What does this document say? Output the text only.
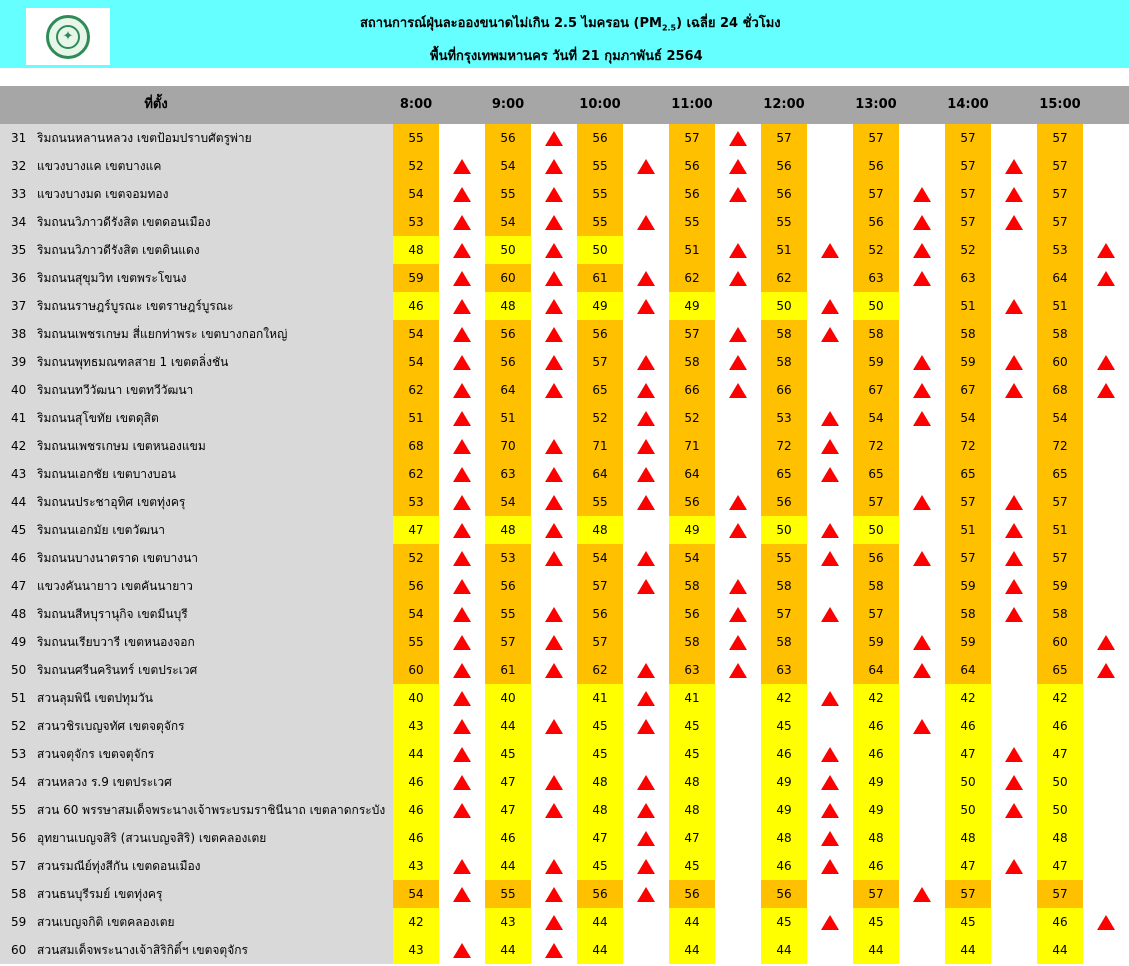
✦
สถานการณ์ฝุ่นละอองขนาดไม่เกิน 2.5 ไมครอน $(PM_{2.5})$ เฉลี่ย 24 ชั่วโมง
พื้นที่กรุงเทพมหานคร วันที่ 21 กุมภาพันธ์ 2564
ที่ตั้ง	8:00	9:00	10:00	11:00	12:00	13:00	14:00	15:00
31 ริมถนนหลานหลวง เขตป้อมปราบศัตรูพ่าย	55	56	56	57	57	57	57	57
32 แขวงบางแค เขตบางแค	52	54	55	56	56	56	57	57
33 แขวงบางมด เขตจอมทอง	54	55	55	56	56	57	57	57
34 ริมถนนวิภาวดีรังสิต เขตดอนเมือง	53	54	55	55	55	56	57	57
35 ริมถนนวิภาวดีรังสิต เขตดินแดง	48	50	50	51	51	52	52	53
36 ริมถนนสุขุมวิท เขตพระโขนง	59	60	61	62	62	63	63	64
37 ริมถนนราษฎร์บูรณะ เขตราษฎร์บูรณะ	46	48	49	49	50	50	51	51
38 ริมถนนเพชรเกษม สี่แยกท่าพระ เขตบางกอกใหญ่	54	56	56	57	58	58	58	58
39 ริมถนนพุทธมณฑลสาย 1 เขตตลิ่งชัน	54	56	57	58	58	59	59	60
40 ริมถนนทวีวัฒนา เขตทวีวัฒนา	62	64	65	66	66	67	67	68
41 ริมถนนสุโขทัย เขตดุสิต	51	51	52	52	53	54	54	54
42 ริมถนนเพชรเกษม เขตหนองแขม	68	70	71	71	72	72	72	72
43 ริมถนนเอกชัย เขตบางบอน	62	63	64	64	65	65	65	65
44 ริมถนนประชาอุทิศ เขตทุ่งครุ	53	54	55	56	56	57	57	57
45 ริมถนนเอกมัย เขตวัฒนา	47	48	48	49	50	50	51	51
46 ริมถนนบางนาตราด เขตบางนา	52	53	54	54	55	56	57	57
47 แขวงคันนายาว เขตคันนายาว	56	56	57	58	58	58	59	59
48 ริมถนนสีหบุรานุกิจ เขตมีนบุรี	54	55	56	56	57	57	58	58
49 ริมถนนเรียบวารี เขตหนองจอก	55	57	57	58	58	59	59	60
50 ริมถนนศรีนครินทร์ เขตประเวศ	60	61	62	63	63	64	64	65
51 สวนลุมพินี เขตปทุมวัน	40	40	41	41	42	42	42	42
52 สวนวชิรเบญจทัศ เขตจตุจักร	43	44	45	45	45	46	46	46
53 สวนจตุจักร เขตจตุจักร	44	45	45	45	46	46	47	47
54 สวนหลวง ร.9 เขตประเวศ	46	47	48	48	49	49	50	50
55 สวน 60 พรรษาสมเด็จพระนางเจ้าพระบรมราชินีนาถ เขตลาดกระบัง	46	47	48	48	49	49	50	50
56 อุทยานเบญจสิริ (สวนเบญจสิริ) เขตคลองเตย	46	46	47	47	48	48	48	48
57 สวนรมณีย์ทุ่งสีกัน เขตดอนเมือง	43	44	45	45	46	46	47	47
58 สวนธนบุรีรมย์ เขตทุ่งครุ	54	55	56	56	56	57	57	57
59 สวนเบญจกิติ เขตคลองเตย	42	43	44	44	45	45	45	46
60 สวนสมเด็จพระนางเจ้าสิริกิติ์ฯ เขตจตุจักร	43	44	44	44	44	44	44	44
